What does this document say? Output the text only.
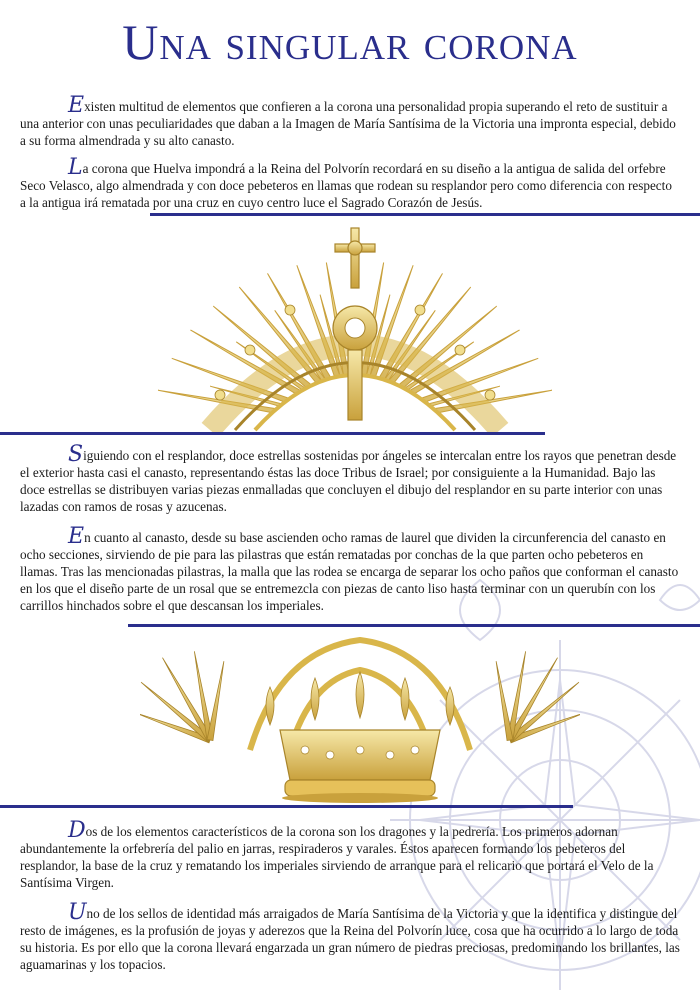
Una singular corona

Existen multitud de elementos que confieren a la corona una personalidad propia superando el reto de sustituir a una anterior con unas peculiaridades que daban a la Imagen de María Santísima de la Victoria una impronta especial, debido a su forma almendrada y su alto canasto.

La corona que Huelva impondrá a la Reina del Polvorín recordará en su diseño a la antigua de salida del orfebre Seco Velasco, algo almendrada y con doce pebeteros en llamas que rodean su resplandor pero como diferencia con respecto a la antigua irá rematada por una cruz en cuyo centro luce el Sagrado Corazón de Jesús.

Siguiendo con el resplandor, doce estrellas sostenidas por ángeles se intercalan entre los rayos que penetran desde el exterior hasta casi el canasto, representando éstas las doce Tribus de Israel; por consiguiente a la Humanidad. Bajo las doce estrellas se distribuyen varias piezas enmalladas que concluyen el dibujo del resplandor en su parte interior con unas lazadas con ramos de rosas y azucenas.

En cuanto al canasto, desde su base ascienden ocho ramas de laurel que dividen la circunferencia del canasto en ocho secciones, sirviendo de pie para las pilastras que están rematadas por conchas de la que parten ocho pebeteros en llamas. Tras las mencionadas pilastras, la malla que las rodea se encarga de separar los ocho paños que conforman el canasto en los que el diseño parte de un rosal que se entremezcla con piezas de canto liso hasta terminar con un querubín con los carrillos hinchados sobre el que descansan los imperiales.

Dos de los elementos característicos de la corona son los dragones y la pedrería. Los primeros adornan abundantemente la orfebrería del palio en jarras, respiraderos y varales. Éstos aparecen formando los pebeteros del resplandor, la base de la cruz y rematando los imperiales sirviendo de arranque para el relicario que portará el Velo de la Santísima Virgen.

Uno de los sellos de identidad más arraigados de María Santísima de la Victoria y que la identifica y distingue del resto de imágenes, es la profusión de joyas y aderezos que la Reina del Polvorín luce, cosa que ha ocurrido a lo largo de toda su historia. Es por ello que la corona llevará engarzada un gran número de piedras preciosas, predominando los brillantes, las aguamarinas y los topacios.
